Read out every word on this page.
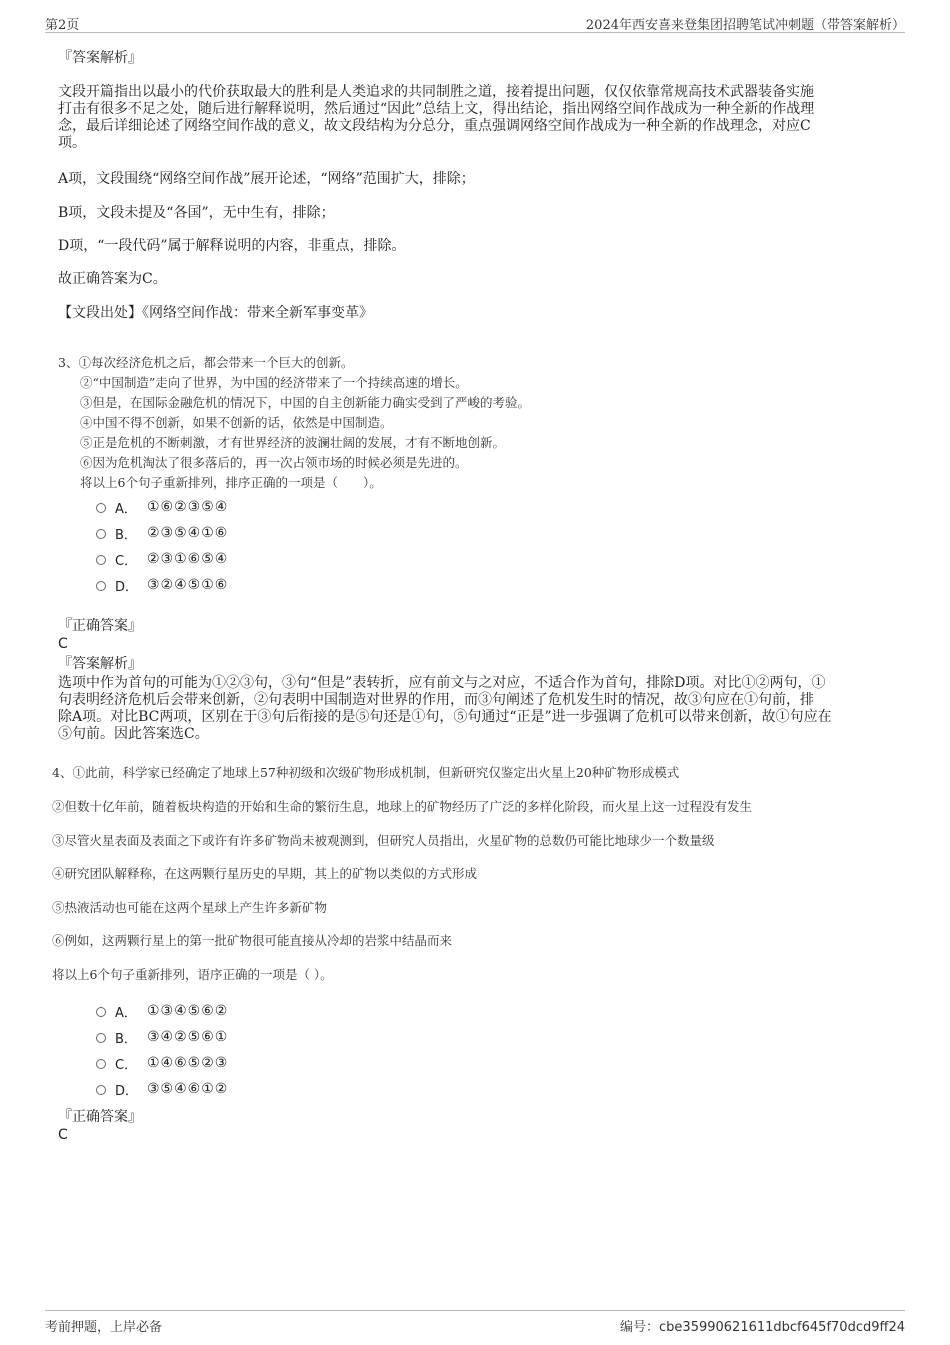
第2页	2024年西安喜来登集团招聘笔试冲刺题（带答案解析）
『答案解析』
文段开篇指出以最小的代价获取最大的胜利是人类追求的共同制胜之道，接着提出问题，仅仅依靠常规高技术武器装备实施
打击有很多不足之处，随后进行解释说明，然后通过“因此”总结上文，得出结论，指出网络空间作战成为一种全新的作战理
念，最后详细论述了网络空间作战的意义，故文段结构为分总分，重点强调网络空间作战成为一种全新的作战理念，对应C
项。
A项，文段围绕“网络空间作战”展开论述，“网络”范围扩大，排除；
B项，文段未提及“各国”，无中生有，排除；
D项，“一段代码”属于解释说明的内容，非重点，排除。
故正确答案为C。
【文段出处】《网络空间作战：带来全新军事变革》
3、①每次经济危机之后，都会带来一个巨大的创新。
②“中国制造”走向了世界，为中国的经济带来了一个持续高速的增长。
③但是，在国际金融危机的情况下，中国的自主创新能力确实受到了严峻的考验。
④中国不得不创新，如果不创新的话，依然是中国制造。
⑤正是危机的不断刺激，才有世界经济的波澜壮阔的发展，才有不断地创新。
⑥因为危机淘汰了很多落后的，再一次占领市场的时候必须是先进的。
将以上6个句子重新排列，排序正确的一项是（　　）。
A． ①⑥②③⑤④
B． ②③⑤④①⑥
C． ②③①⑥⑤④
D． ③②④⑤①⑥
『正确答案』
C
『答案解析』
选项中作为首句的可能为①②③句，③句“但是”表转折，应有前文与之对应，不适合作为首句，排除D项。对比①②两句，①
句表明经济危机后会带来创新，②句表明中国制造对世界的作用，而③句阐述了危机发生时的情况，故③句应在①句前，排
除A项。对比BC两项，区别在于③句后衔接的是⑤句还是①句，⑤句通过“正是”进一步强调了危机可以带来创新，故①句应在
⑤句前。因此答案选C。
4、①此前，科学家已经确定了地球上57种初级和次级矿物形成机制，但新研究仅鉴定出火星上20种矿物形成模式
②但数十亿年前，随着板块构造的开始和生命的繁衍生息，地球上的矿物经历了广泛的多样化阶段，而火星上这一过程没有发生
③尽管火星表面及表面之下或许有许多矿物尚未被观测到，但研究人员指出，火星矿物的总数仍可能比地球少一个数量级
④研究团队解释称，在这两颗行星历史的早期，其上的矿物以类似的方式形成
⑤热液活动也可能在这两个星球上产生许多新矿物
⑥例如，这两颗行星上的第一批矿物很可能直接从冷却的岩浆中结晶而来
将以上6个句子重新排列，语序正确的一项是（ ）。
A． ①③④⑤⑥②
B． ③④②⑤⑥①
C． ①④⑥⑤②③
D． ③⑤④⑥①②
『正确答案』
C
考前押题，上岸必备	编号：cbe35990621611dbcf645f70dcd9ff24
